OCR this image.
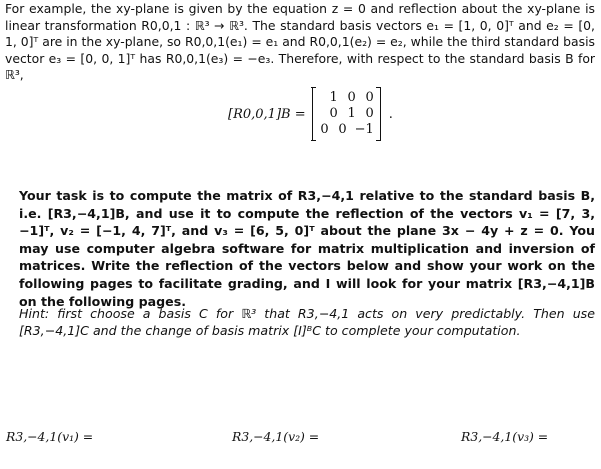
For example, the xy-plane is given by the equation z = 0 and reflection about the xy-plane is linear transformation R0,0,1 : ℝ³ → ℝ³. The standard basis vectors e₁ = [1, 0, 0]ᵀ and e₂ = [0, 1, 0]ᵀ are in the xy-plane, so R0,0,1(e₁) = e₁ and R0,0,1(e₂) = e₂, while the third standard basis vector e₃ = [0, 0, 1]ᵀ has R0,0,1(e₃) = −e₃. Therefore, with respect to the standard basis B for ℝ³,
[R0,0,1]B =
1 0 0
0 1 0
0 0 −1
.
Your task is to compute the matrix of R3,−4,1 relative to the standard basis B, i.e. [R3,−4,1]B, and use it to compute the reflection of the vectors v₁ = [7, 3, −1]ᵀ, v₂ = [−1, 4, 7]ᵀ, and v₃ = [6, 5, 0]ᵀ about the plane 3x − 4y + z = 0. You may use computer algebra software for matrix multiplication and inversion of matrices. Write the reflection of the vectors below and show your work on the following pages to facilitate grading, and I will look for your matrix [R3,−4,1]B on the following pages.
Hint: first choose a basis C for ℝ³ that R3,−4,1 acts on very predictably. Then use [R3,−4,1]C and the change of basis matrix [I]ᴮC to complete your computation.
R3,−4,1(v₁) =	R3,−4,1(v₂) =	R3,−4,1(v₃) =
